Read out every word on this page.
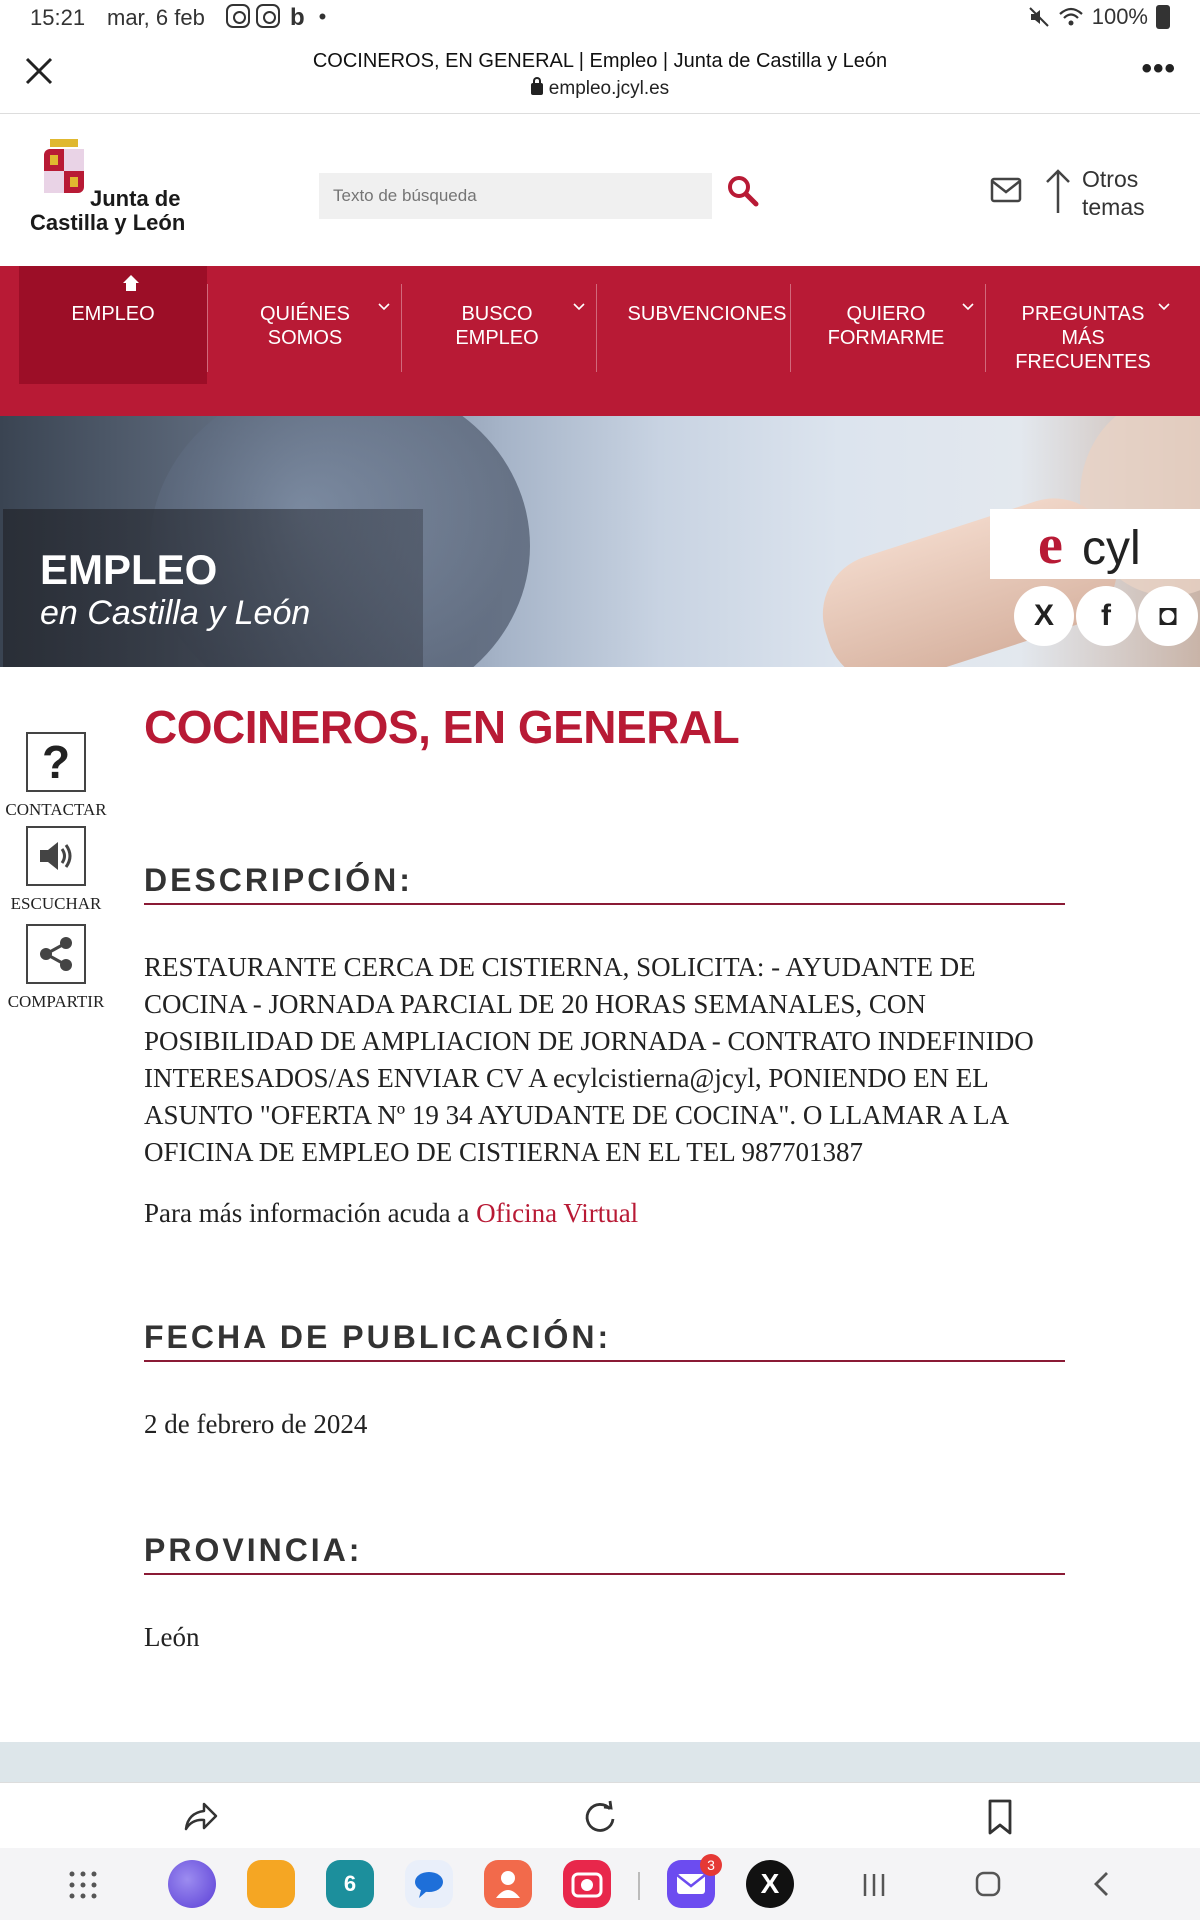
15:21 mar, 6 feb	b •	100%
COCINEROS, EN GENERAL | Empleo | Junta de Castilla y León
empleo.jcyl.es
•••
Junta de
Castilla y León
Texto de búsqueda
Otros
temas
EMPLEO	QUIÉNES
SOMOS
BUSCO
EMPLEO
SUBVENCIONES	QUIERO
FORMARME
PREGUNTAS
MÁS
FRECUENTES
EMPLEO
en Castilla y León
e cyl
X	f	◘
?
CONTACTAR
ESCUCHAR
COMPARTIR
COCINEROS, EN GENERAL
DESCRIPCIÓN:
RESTAURANTE CERCA DE CISTIERNA, SOLICITA: - AYUDANTE DE
COCINA - JORNADA PARCIAL DE 20 HORAS SEMANALES, CON
POSIBILIDAD DE AMPLIACION DE JORNADA - CONTRATO INDEFINIDO
INTERESADOS/AS ENVIAR CV A ecylcistierna@jcyl, PONIENDO EN EL
ASUNTO "OFERTA Nº 19 34 AYUDANTE DE COCINA". O LLAMAR A LA
OFICINA DE EMPLEO DE CISTIERNA EN EL TEL 987701387
Para más información acuda a Oficina Virtual
FECHA DE PUBLICACIÓN:
2 de febrero de 2024
PROVINCIA:
León
6
3
X
